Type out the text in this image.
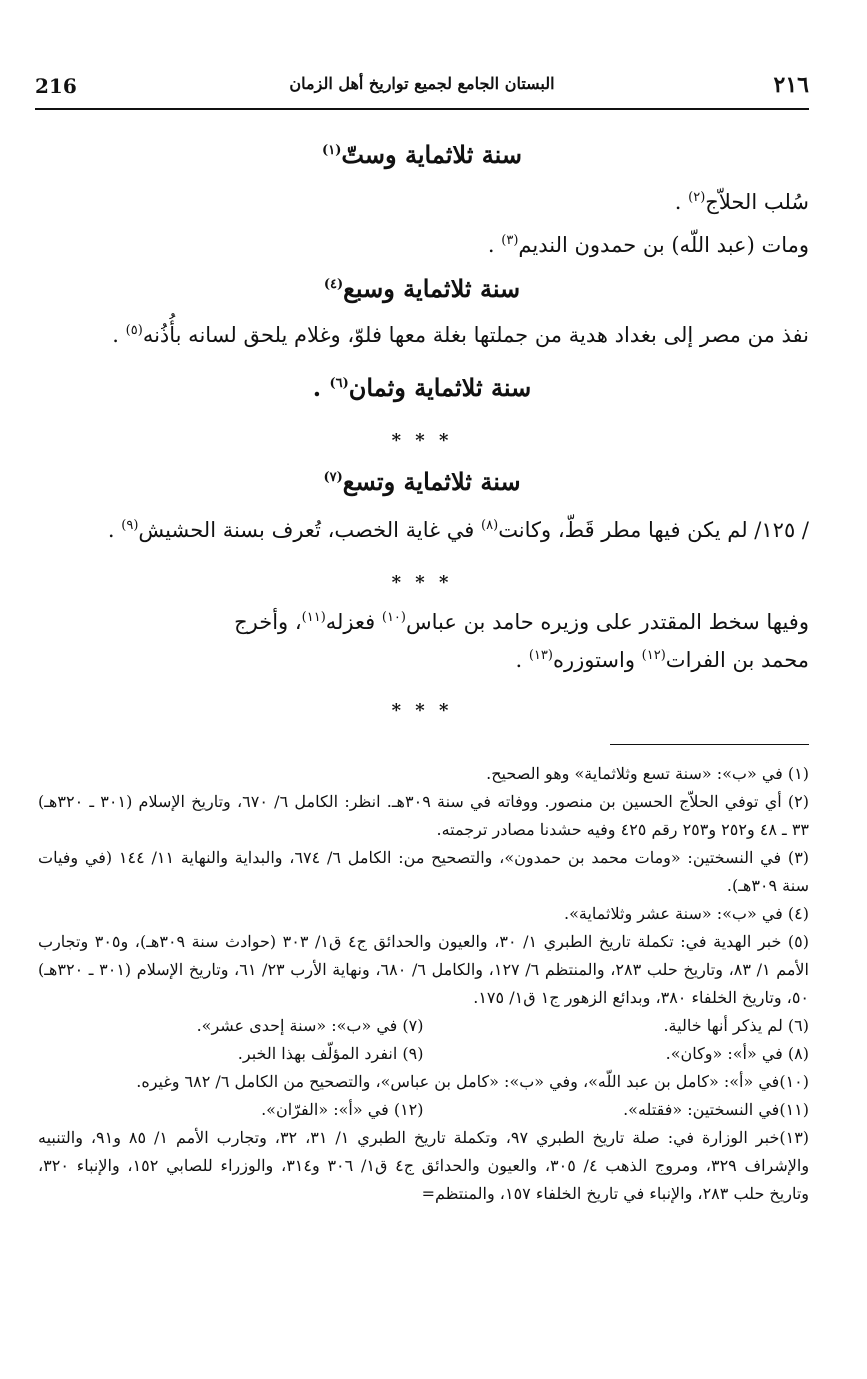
216	البستان الجامع لجميع تواريخ أهل الزمان	٢١٦
سنة ثلاثماية وستّ$^{(١)}$
سُلب الحلاّج$^{(٢)}$ .
ومات (عبد اللّه) بن حمدون النديم$^{(٣)}$ .
سنة ثلاثماية وسبع$^{(٤)}$
نفذ من مصر إلى بغداد هدية من جملتها بغلة معها فلوّ، وغلام يلحق لسانه بأُذُنه$^{(٥)}$ .
سنة ثلاثماية وثمان$^{(٦)}$ .
* * *
سنة ثلاثماية وتسع$^{(٧)}$
/ ١٢٥/ لم يكن فيها مطر قَطّ، وكانت$^{(٨)}$ في غاية الخصب، تُعرف بسنة الحشيش$^{(٩)}$ .
* * *
وفيها سخط المقتدر على وزيره حامد بن عباس$^{(١٠)}$ فعزله$^{(١١)}$، وأخرج
محمد بن الفرات$^{(١٢)}$ واستوزره$^{(١٣)}$ .
* * *

(١) في «ب»: «سنة تسع وثلاثماية» وهو الصحيح.

(٢) أي توفي الحلاّج الحسين بن منصور. ووفاته في سنة ٣٠٩هـ. انظر: الكامل ٦/ ٦٧٠، وتاريخ الإسلام (٣٠١ ـ ٣٢٠هـ) ٣٣ ـ ٤٨ و٢٥٢ و٢٥٣ رقم ٤٢٥ وفيه حشدنا مصادر ترجمته.

(٣) في النسختين: «ومات محمد بن حمدون»، والتصحيح من: الكامل ٦/ ٦٧٤، والبداية والنهاية ١١/ ١٤٤ (في وفيات سنة ٣٠٩هـ).

(٤) في «ب»: «سنة عشر وثلاثماية».

(٥) خبر الهدية في: تكملة تاريخ الطبري ١/ ٣٠، والعيون والحدائق ج٤ ق١/ ٣٠٣ (حوادث سنة ٣٠٩هـ)، و٣٠٥ وتجارب الأمم ١/ ٨٣، وتاريخ حلب ٢٨٣، والمنتظم ٦/ ١٢٧، والكامل ٦/ ٦٨٠، ونهاية الأرب ٢٣/ ٦١، وتاريخ الإسلام (٣٠١ ـ ٣٢٠هـ) ٥٠، وتاريخ الخلفاء ٣٨٠، وبدائع الزهور ج١ ق١/ ١٧٥.

(٦) لم يذكر أنها خالية.
(٧) في «ب»: «سنة إحدى عشر».
(٨) في «أ»: «وكان».
(٩) انفرد المؤلّف بهذا الخبر.

(١٠)في «أ»: «كامل بن عبد اللّه»، وفي «ب»: «كامل بن عباس»، والتصحيح من الكامل ٦/ ٦٨٢ وغيره.

(١١)في النسختين: «فقتله».
(١٢) في «أ»: «الفرّان».

(١٣)خبر الوزارة في: صلة تاريخ الطبري ٩٧، وتكملة تاريخ الطبري ١/ ٣١، ٣٢، وتجارب الأمم ١/ ٨٥ و٩١، والتنبيه والإشراف ٣٢٩، ومروج الذهب ٤/ ٣٠٥، والعيون والحدائق ج٤ ق١/ ٣٠٦ و٣١٤، والوزراء للصابي ١٥٢، والإنباء ٣٢٠، وتاريخ حلب ٢٨٣، والإنباء في تاريخ الخلفاء ١٥٧، والمنتظم=
